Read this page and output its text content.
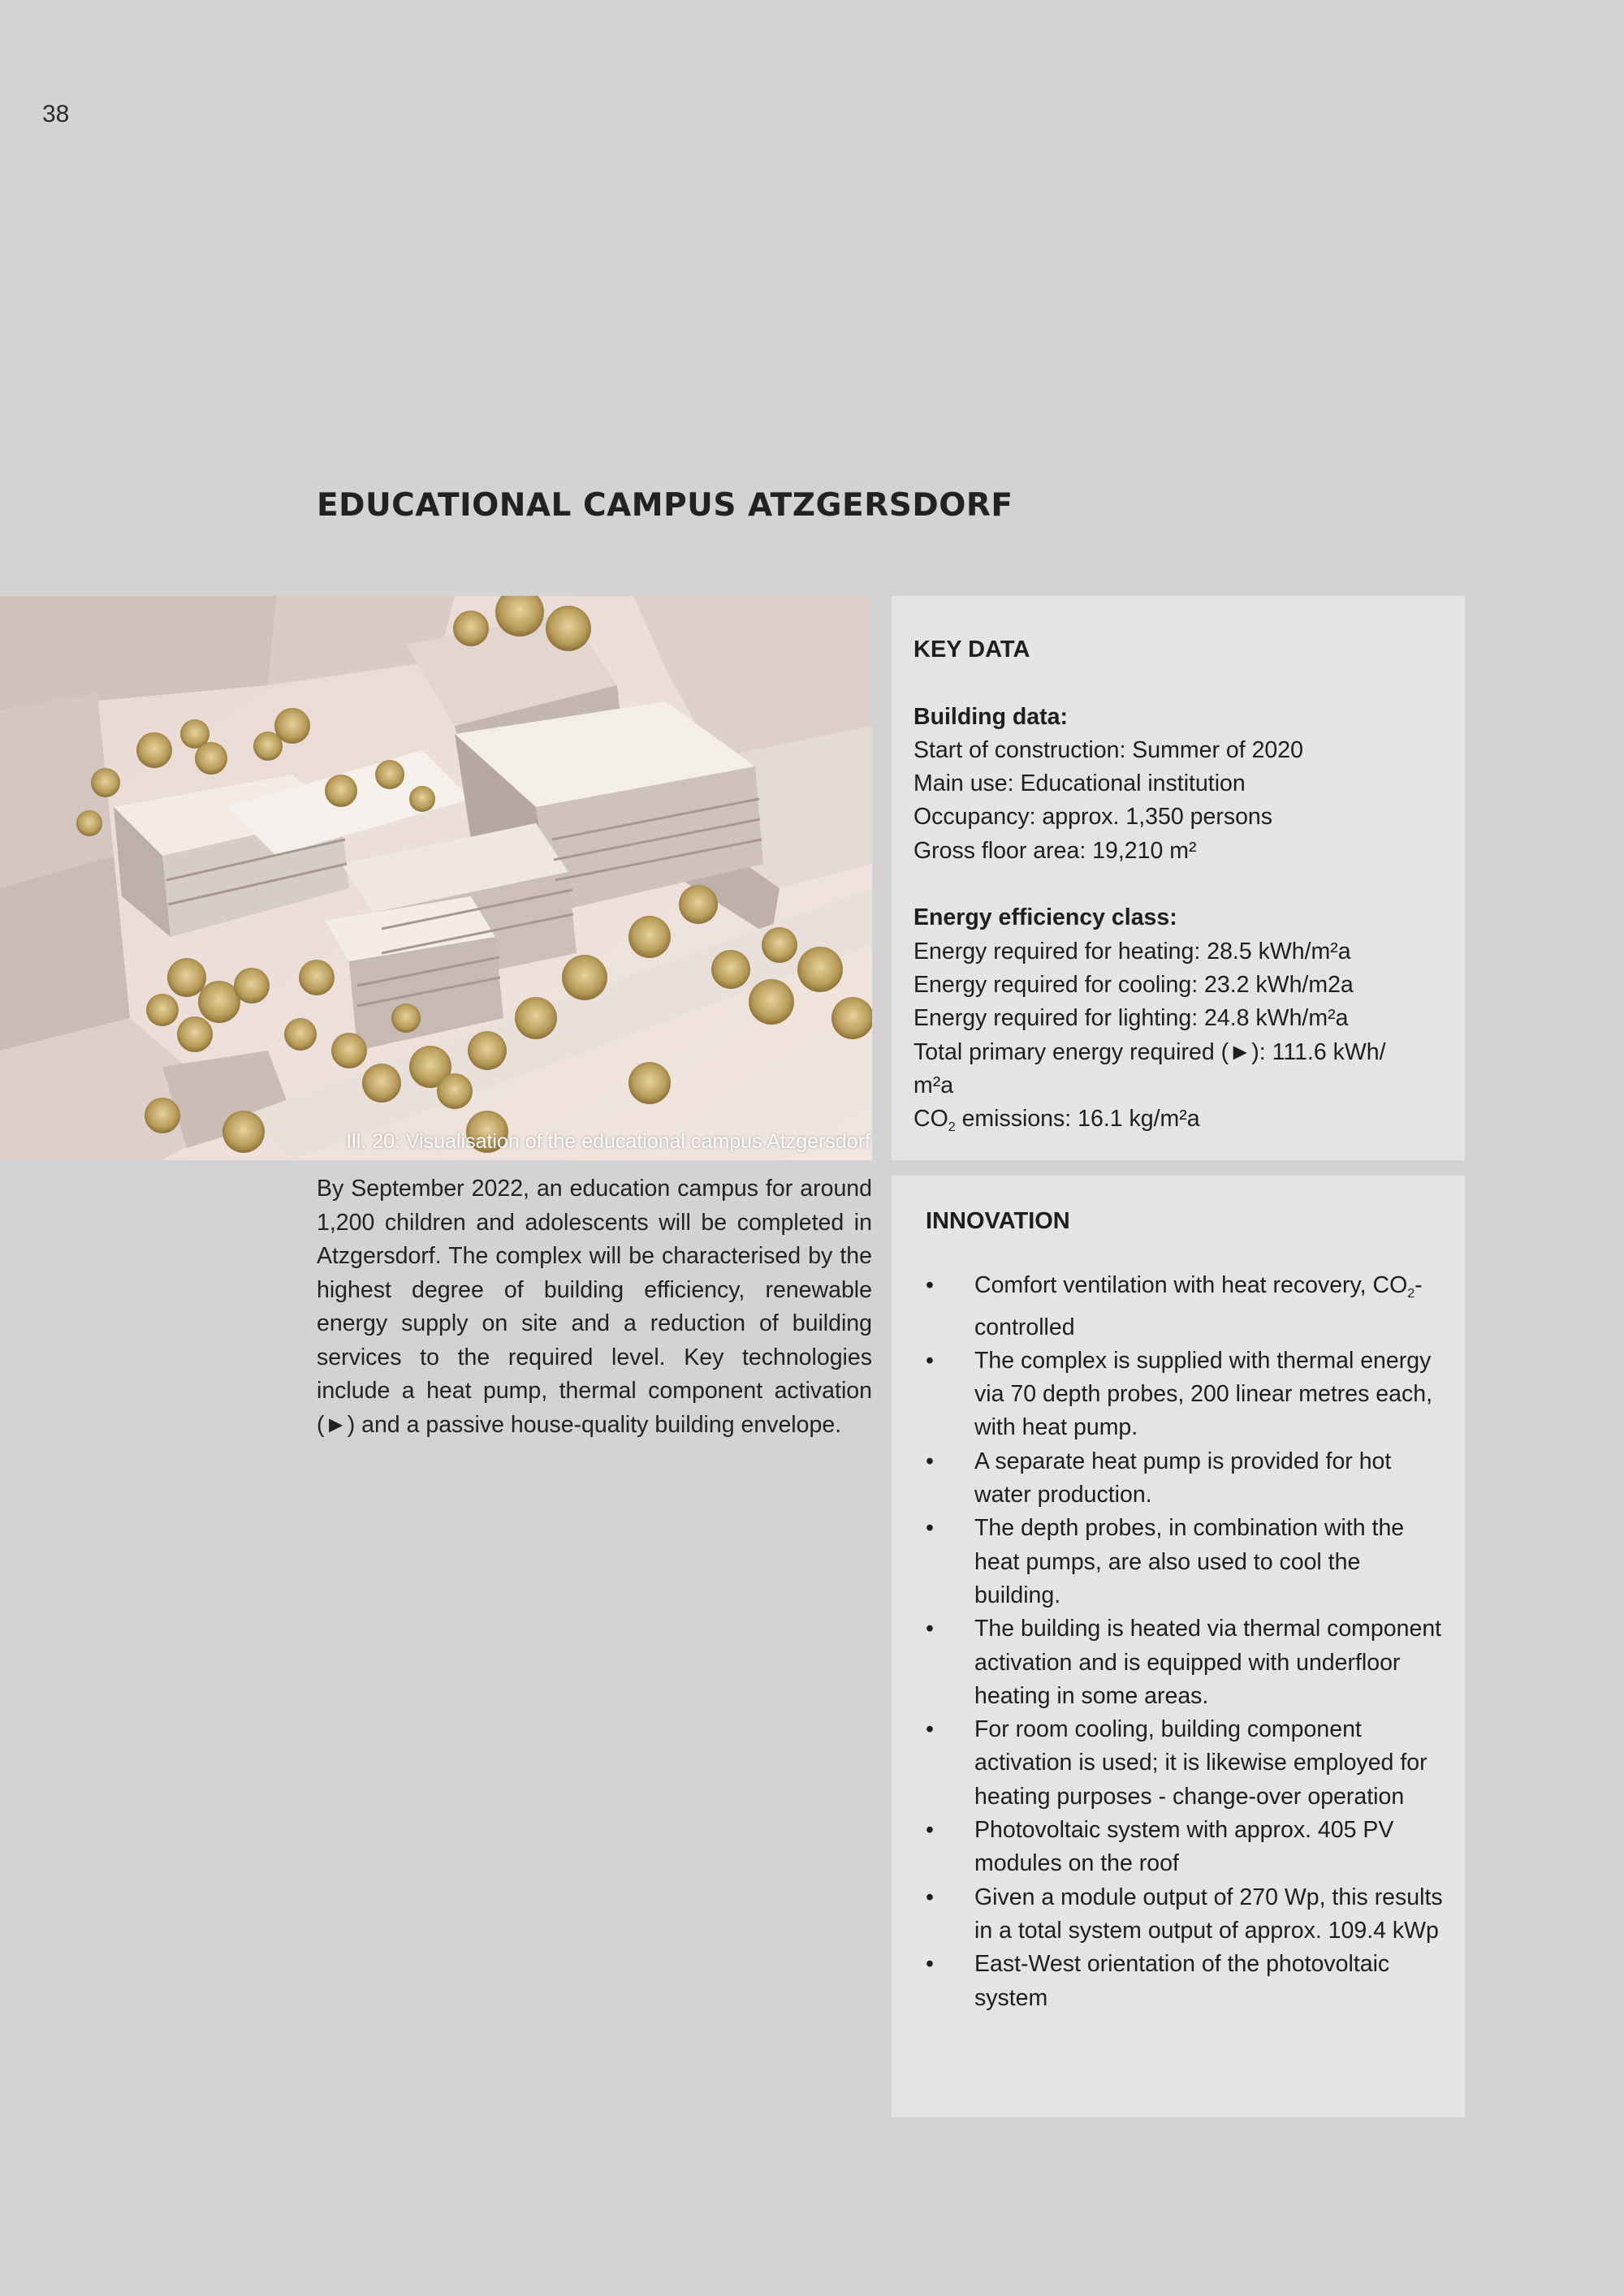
38
EDUCATIONAL CAMPUS ATZGERSDORF
Ill. 20: Visualisation of the educational campus Atzgersdorf

By September 2022, an education campus for around 1,200 children and adolescents will be completed in Atzgersdorf. The complex will be characterised by the highest degree of building efficiency, renewable energy supply on site and a reduction of building services to the required level. Key technologies include a heat pump, thermal component activation (►) and a passive house-quality building envelope.

KEY DATA
Building data:
Start of construction: Summer of 2020
Main use: Educational institution
Occupancy: approx. 1,350 persons
Gross floor area: 19,210 m²
Energy efficiency class:
Energy required for heating: 28.5 kWh/m²a
Energy required for cooling: 23.2 kWh/m2a
Energy required for lighting: 24.8 kWh/m²a
Total primary energy required (►): 111.6 kWh/
m²a
$CO_2$ emissions: 16.1 kg/m²a
INNOVATION
• Comfort ventilation with heat recovery, $CO_2$-controlled
• The complex is supplied with thermal energy via 70 depth probes, 200 linear metres each, with heat pump.
• A separate heat pump is provided for hot water production.
• The depth probes, in combination with the heat pumps, are also used to cool the building.
• The building is heated via thermal component activation and is equipped with underfloor heating in some areas.
• For room cooling, building component activation is used; it is likewise employed for heating purposes - change-over operation
• Photovoltaic system with approx. 405 PV modules on the roof
• Given a module output of 270 Wp, this results in a total system output of approx. 109.4 kWp
• East-West orientation of the photovoltaic system
